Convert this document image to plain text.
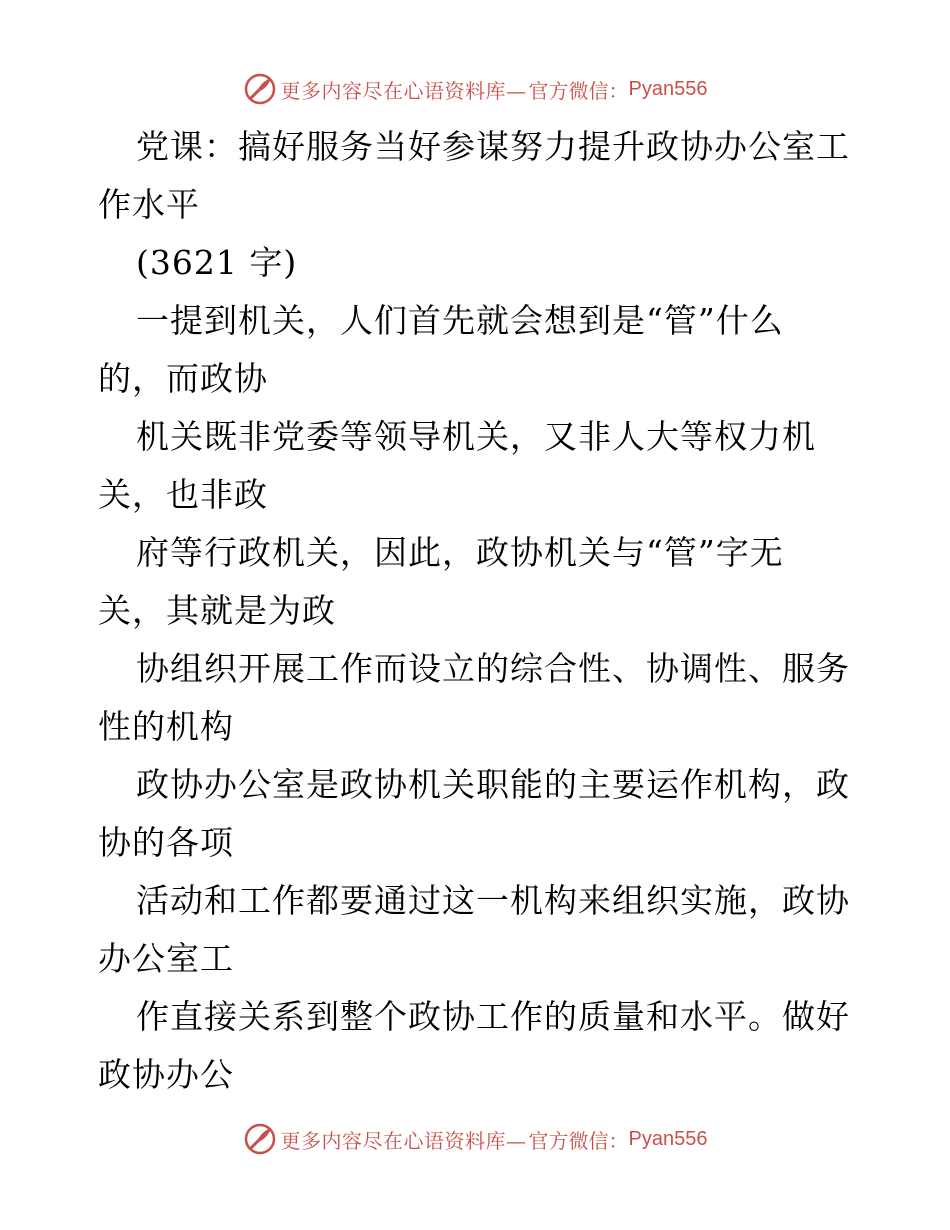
更多内容尽在心语资料库— 官方微信： Pyan556
党课：搞好服务当好参谋努力提升政协办公室工
作水平
(3621 字)
一提到机关，人们首先就会想到是“管”什么
的，而政协
机关既非党委等领导机关，又非人大等权力机
关，也非政
府等行政机关，因此，政协机关与“管”字无
关，其就是为政
协组织开展工作而设立的综合性、协调性、服务
性的机构
政协办公室是政协机关职能的主要运作机构，政
协的各项
活动和工作都要通过这一机构来组织实施，政协
办公室工
作直接关系到整个政协工作的质量和水平。做好
政协办公
更多内容尽在心语资料库— 官方微信： Pyan556
